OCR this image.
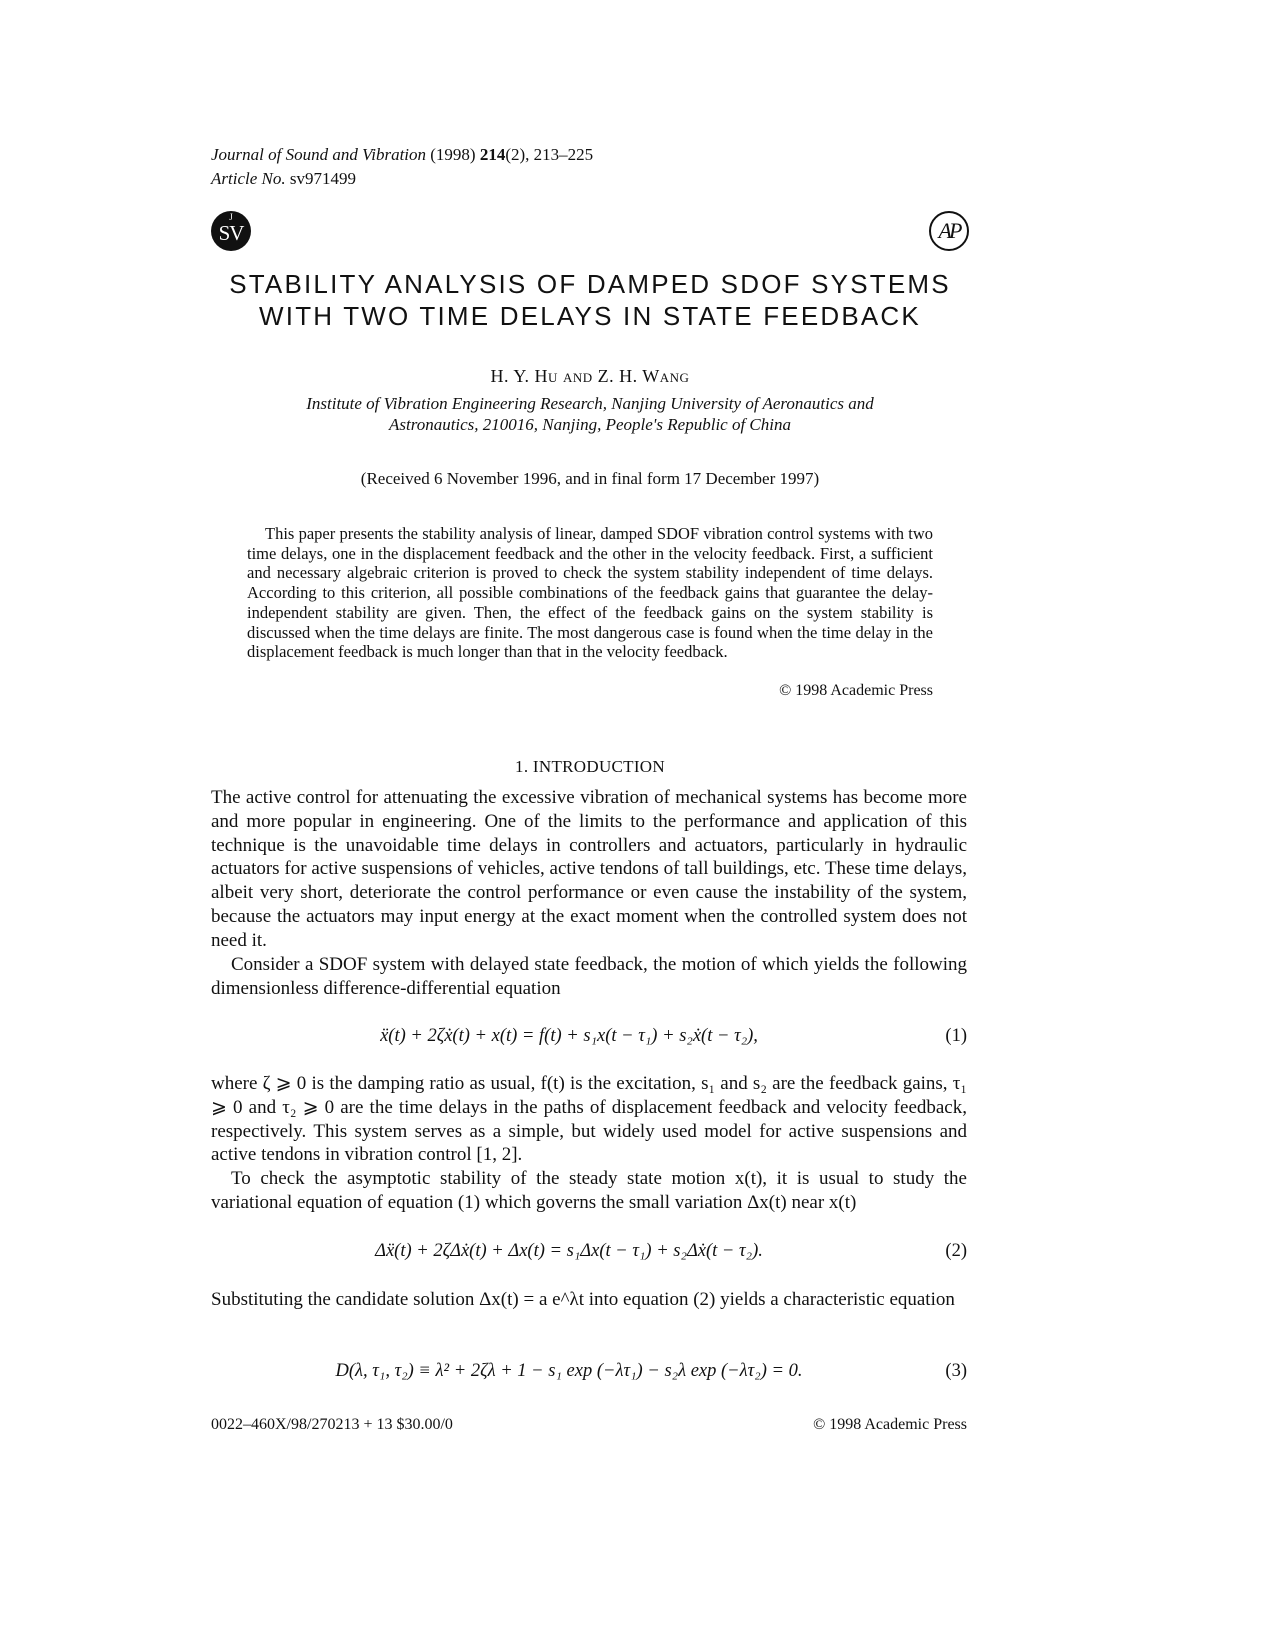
Journal of Sound and Vibration (1998) 214(2), 213–225
Article No. sv971499
J
SV	AP
STABILITY ANALYSIS OF DAMPED SDOF SYSTEMS
WITH TWO TIME DELAYS IN STATE FEEDBACK
H. Y. Hu and Z. H. Wang
Institute of Vibration Engineering Research, Nanjing University of Aeronautics and
Astronautics, 210016, Nanjing, People's Republic of China
(Received 6 November 1996, and in final form 17 December 1997)

This paper presents the stability analysis of linear, damped SDOF vibration control systems with two time delays, one in the displacement feedback and the other in the velocity feedback. First, a sufficient and necessary algebraic criterion is proved to check the system stability independent of time delays. According to this criterion, all possible combinations of the feedback gains that guarantee the delay-independent stability are given. Then, the effect of the feedback gains on the system stability is discussed when the time delays are finite. The most dangerous case is found when the time delay in the displacement feedback is much longer than that in the velocity feedback.

© 1998 Academic Press
1. INTRODUCTION

The active control for attenuating the excessive vibration of mechanical systems has become more and more popular in engineering. One of the limits to the performance and application of this technique is the unavoidable time delays in controllers and actuators, particularly in hydraulic actuators for active suspensions of vehicles, active tendons of tall buildings, etc. These time delays, albeit very short, deteriorate the control performance or even cause the instability of the system, because the actuators may input energy at the exact moment when the controlled system does not need it.

Consider a SDOF system with delayed state feedback, the motion of which yields the following dimensionless difference-differential equation

ẍ(t) + 2ζẋ(t) + x(t) = f(t) + s₁x(t − τ₁) + s₂ẋ(t − τ₂),	(1)

where ζ ⩾ 0 is the damping ratio as usual, f(t) is the excitation, s₁ and s₂ are the feedback gains, τ₁ ⩾ 0 and τ₂ ⩾ 0 are the time delays in the paths of displacement feedback and velocity feedback, respectively. This system serves as a simple, but widely used model for active suspensions and active tendons in vibration control [1, 2].

To check the asymptotic stability of the steady state motion x(t), it is usual to study the variational equation of equation (1) which governs the small variation Δx(t) near x(t)

Δẍ(t) + 2ζΔẋ(t) + Δx(t) = s₁Δx(t − τ₁) + s₂Δẋ(t − τ₂).	(2)

Substituting the candidate solution Δx(t) = a e^λt into equation (2) yields a characteristic equation

D(λ, τ₁, τ₂) ≡ λ² + 2ζλ + 1 − s₁ exp (−λτ₁) − s₂λ exp (−λτ₂) = 0.	(3)
0022–460X/98/270213 + 13 $30.00/0	© 1998 Academic Press
